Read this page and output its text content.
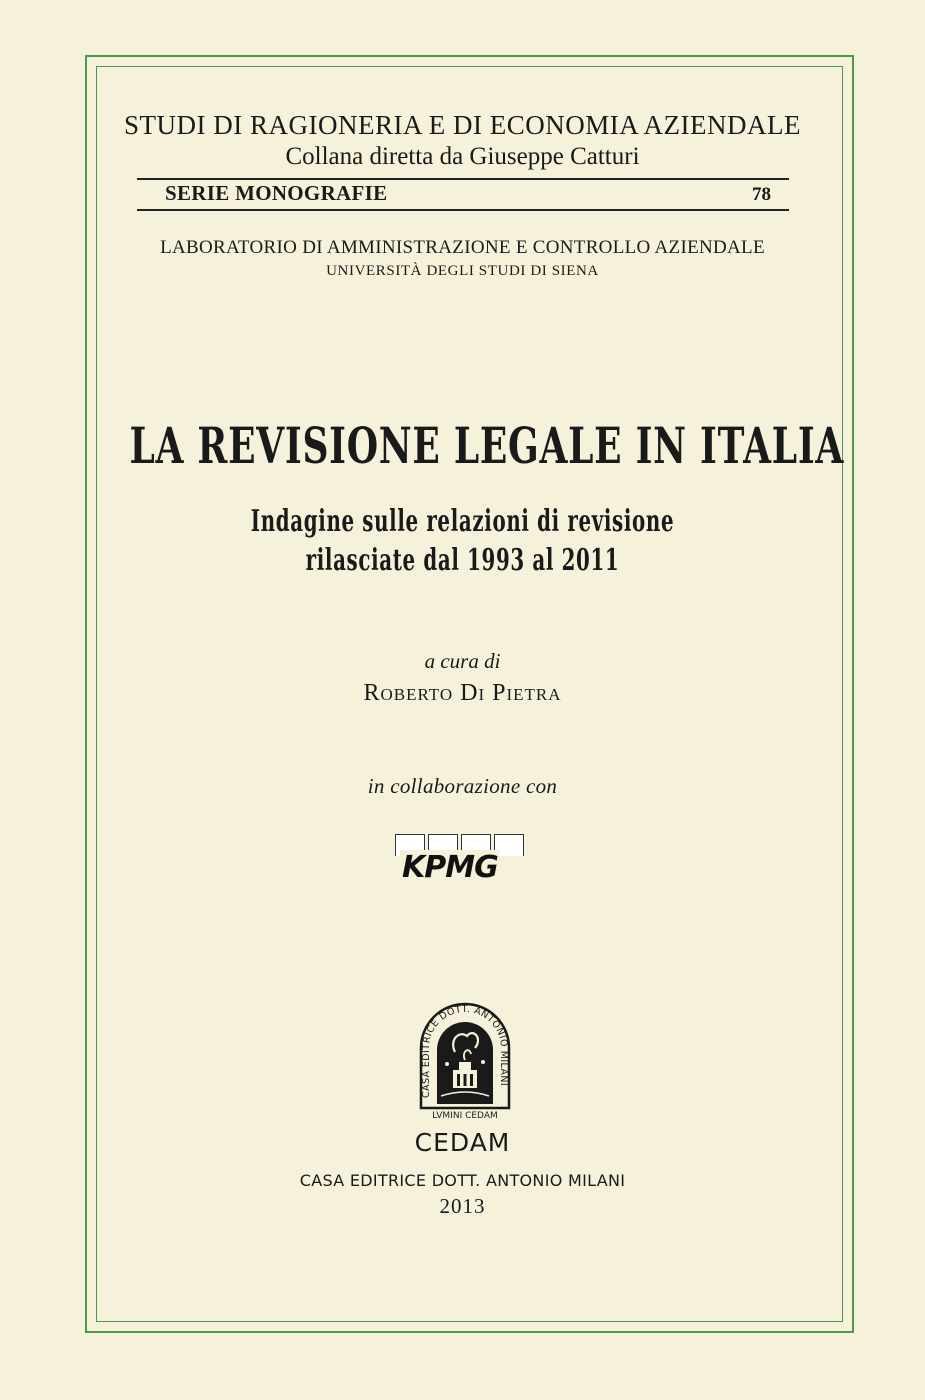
STUDI DI RAGIONERIA E DI ECONOMIA AZIENDALE
Collana diretta da Giuseppe Catturi
SERIE MONOGRAFIE	78
LABORATORIO DI AMMINISTRAZIONE E CONTROLLO AZIENDALE
UNIVERSITÀ DEGLI STUDI DI SIENA
LA REVISIONE LEGALE IN ITALIA
Indagine sulle relazioni di revisione
rilasciate dal 1993 al 2011
a cura di
Roberto Di Pietra
in collaborazione con
KPMG
CASA EDITRICE DOTT. ANTONIO MILANI
LVMINI CEDAM
CEDAM
CASA EDITRICE DOTT. ANTONIO MILANI
2013
